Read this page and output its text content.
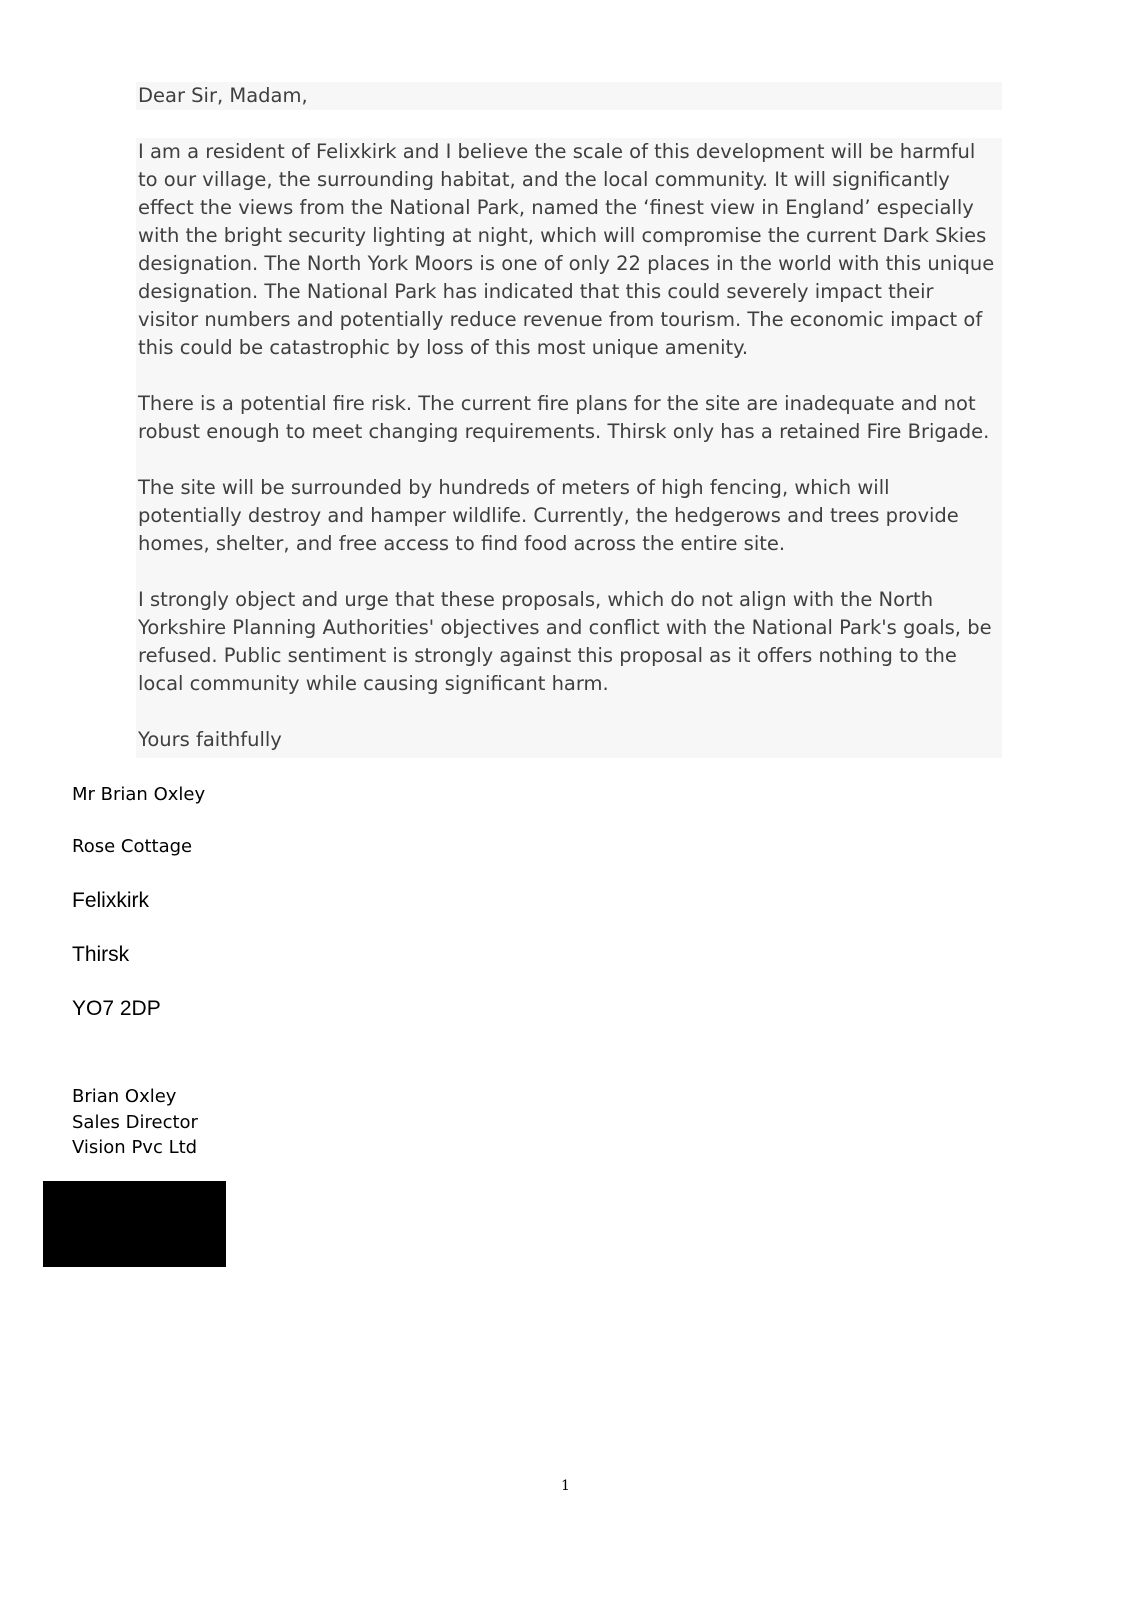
Dear Sir, Madam,

I am a resident of Felixkirk and I believe the scale of this development will be harmful to our village, the surrounding habitat, and the local community. It will significantly effect the views from the National Park, named the ‘finest view in England’ especially with the bright security lighting at night, which will compromise the current Dark Skies designation. The North York Moors is one of only 22 places in the world with this unique designation. The National Park has indicated that this could severely impact their visitor numbers and potentially reduce revenue from tourism. The economic impact of this could be catastrophic by loss of this most unique amenity.

There is a potential fire risk. The current fire plans for the site are inadequate and not robust enough to meet changing requirements. Thirsk only has a retained Fire Brigade.

The site will be surrounded by hundreds of meters of high fencing, which will potentially destroy and hamper wildlife. Currently, the hedgerows and trees provide homes, shelter, and free access to find food across the entire site.

I strongly object and urge that these proposals, which do not align with the North Yorkshire Planning Authorities' objectives and conflict with the National Park's goals, be refused. Public sentiment is strongly against this proposal as it offers nothing to the local community while causing significant harm.

Yours faithfully

Mr Brian Oxley
Rose Cottage
Felixkirk
Thirsk
YO7 2DP
Brian Oxley
Sales Director
Vision Pvc Ltd
1
